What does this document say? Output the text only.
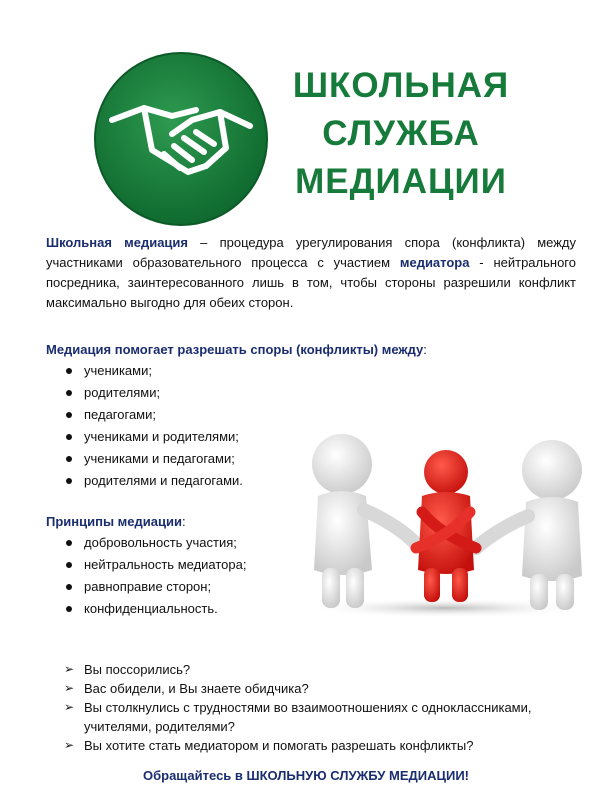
ШКОЛЬНАЯ
СЛУЖБА
МЕДИАЦИИ
Школьная медиация – процедура урегулирования спора (конфликта) между участниками образовательного процесса с участием медиатора - нейтрального посредника, заинтересованного лишь в том, чтобы стороны разрешили конфликт максимально выгодно для обеих сторон.
Медиация помогает разрешать споры (конфликты) между:
учениками;
родителями;
педагогами;
учениками и родителями;
учениками и педагогами;
родителями и педагогами.
Принципы медиации:
добровольность участия;
нейтральность медиатора;
равноправие сторон;
конфиденциальность.
➢ Вы поссорились?
➢ Вас обидели, и Вы знаете обидчика?
➢ Вы столкнулись с трудностями во взаимоотношениях с одноклассниками, учителями, родителями?
➢ Вы хотите стать медиатором и помогать разрешать конфликты?
Обращайтесь в ШКОЛЬНУЮ СЛУЖБУ МЕДИАЦИИ!
